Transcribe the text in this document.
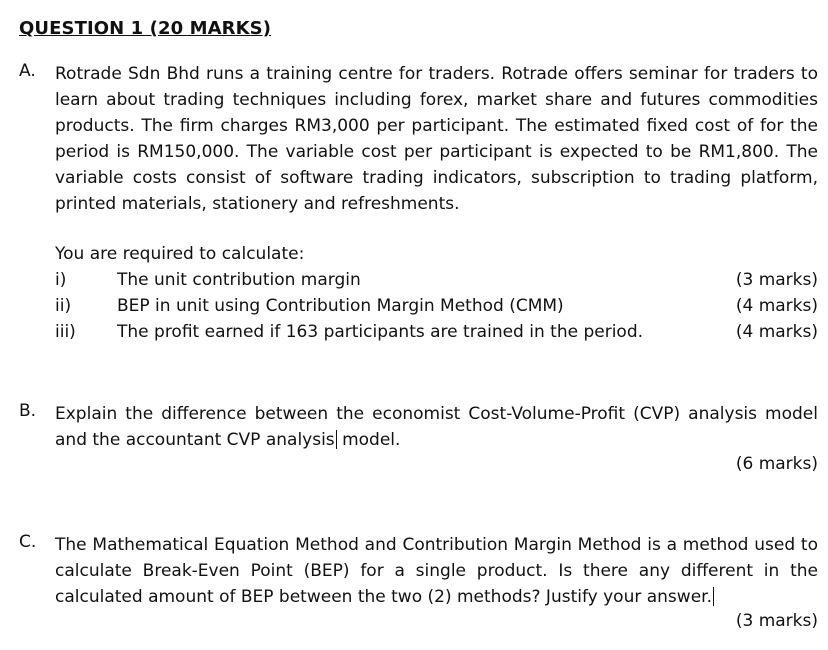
QUESTION 1 (20 MARKS)
A. Rotrade Sdn Bhd runs a training centre for traders. Rotrade offers seminar for traders to learn about trading techniques including forex, market share and futures commodities products. The firm charges RM3,000 per participant. The estimated fixed cost of for the period is RM150,000. The variable cost per participant is expected to be RM1,800. The variable costs consist of software trading indicators, subscription to trading platform, printed materials, stationery and refreshments.
You are required to calculate:
i)	The unit contribution margin	(3 marks)
ii)	BEP in unit using Contribution Margin Method (CMM)	(4 marks)
iii) The profit earned if 163 participants are trained in the period.	(4 marks)
B. Explain the difference between the economist Cost-Volume-Profit (CVP) analysis model and the accountant CVP analysis model.
(6 marks)
C. The Mathematical Equation Method and Contribution Margin Method is a method used to calculate Break-Even Point (BEP) for a single product. Is there any different in the calculated amount of BEP between the two (2) methods? Justify your answer.
(3 marks)
